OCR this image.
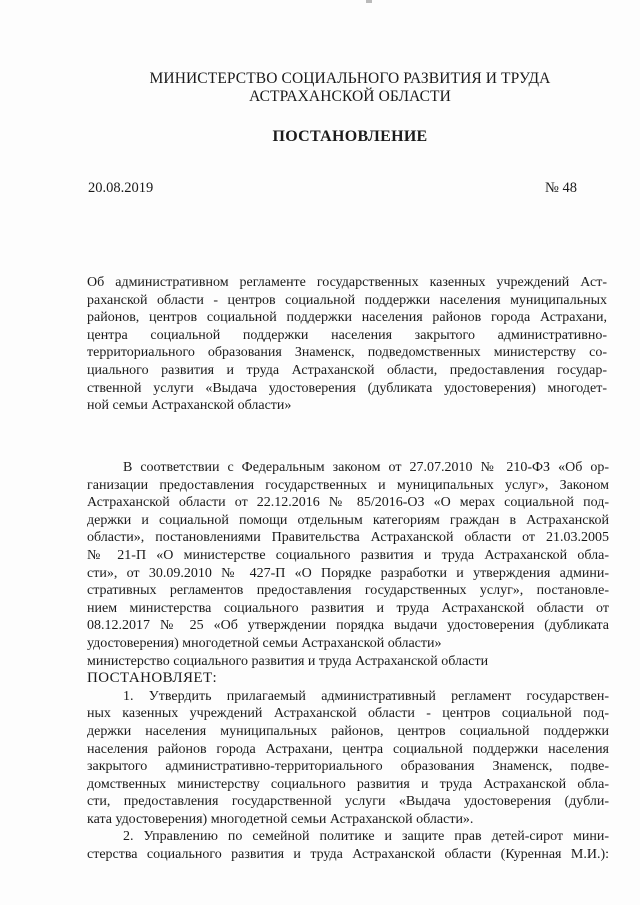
МИНИСТЕРСТВО СОЦИАЛЬНОГО РАЗВИТИЯ И ТРУДА
АСТРАХАНСКОЙ ОБЛАСТИ
ПОСТАНОВЛЕНИЕ
20.08.2019	№ 48
Об административном регламенте государственных казенных учреждений Аст-
раханской области - центров социальной поддержки населения муниципальных
районов, центров социальной поддержки населения районов города Астрахани,
центра социальной поддержки населения закрытого административно-
территориального образования Знаменск, подведомственных министерству со-
циального развития и труда Астраханской области, предоставления государ-
ственной услуги «Выдача удостоверения (дубликата удостоверения) многодет-
ной семьи Астраханской области»
В соответствии с Федеральным законом от 27.07.2010 № 210-ФЗ «Об ор-
ганизации предоставления государственных и муниципальных услуг», Законом
Астраханской области от 22.12.2016 № 85/2016-ОЗ «О мерах социальной под-
держки и социальной помощи отдельным категориям граждан в Астраханской
области», постановлениями Правительства Астраханской области от 21.03.2005
№ 21-П «О министерстве социального развития и труда Астраханской обла-
сти», от 30.09.2010 № 427-П «О Порядке разработки и утверждения админи-
стративных регламентов предоставления государственных услуг», постановле-
нием министерства социального развития и труда Астраханской области от
08.12.2017 № 25 «Об утверждении порядка выдачи удостоверения (дубликата
удостоверения) многодетной семьи Астраханской области»
министерство социального развития и труда Астраханской области
ПОСТАНОВЛЯЕТ:
1. Утвердить прилагаемый административный регламент государствен-
ных казенных учреждений Астраханской области - центров социальной под-
держки населения муниципальных районов, центров социальной поддержки
населения районов города Астрахани, центра социальной поддержки населения
закрытого административно-территориального образования Знаменск, подве-
домственных министерству социального развития и труда Астраханской обла-
сти, предоставления государственной услуги «Выдача удостоверения (дубли-
ката удостоверения) многодетной семьи Астраханской области».
2. Управлению по семейной политике и защите прав детей-сирот мини-
стерства социального развития и труда Астраханской области (Куренная М.И.):
